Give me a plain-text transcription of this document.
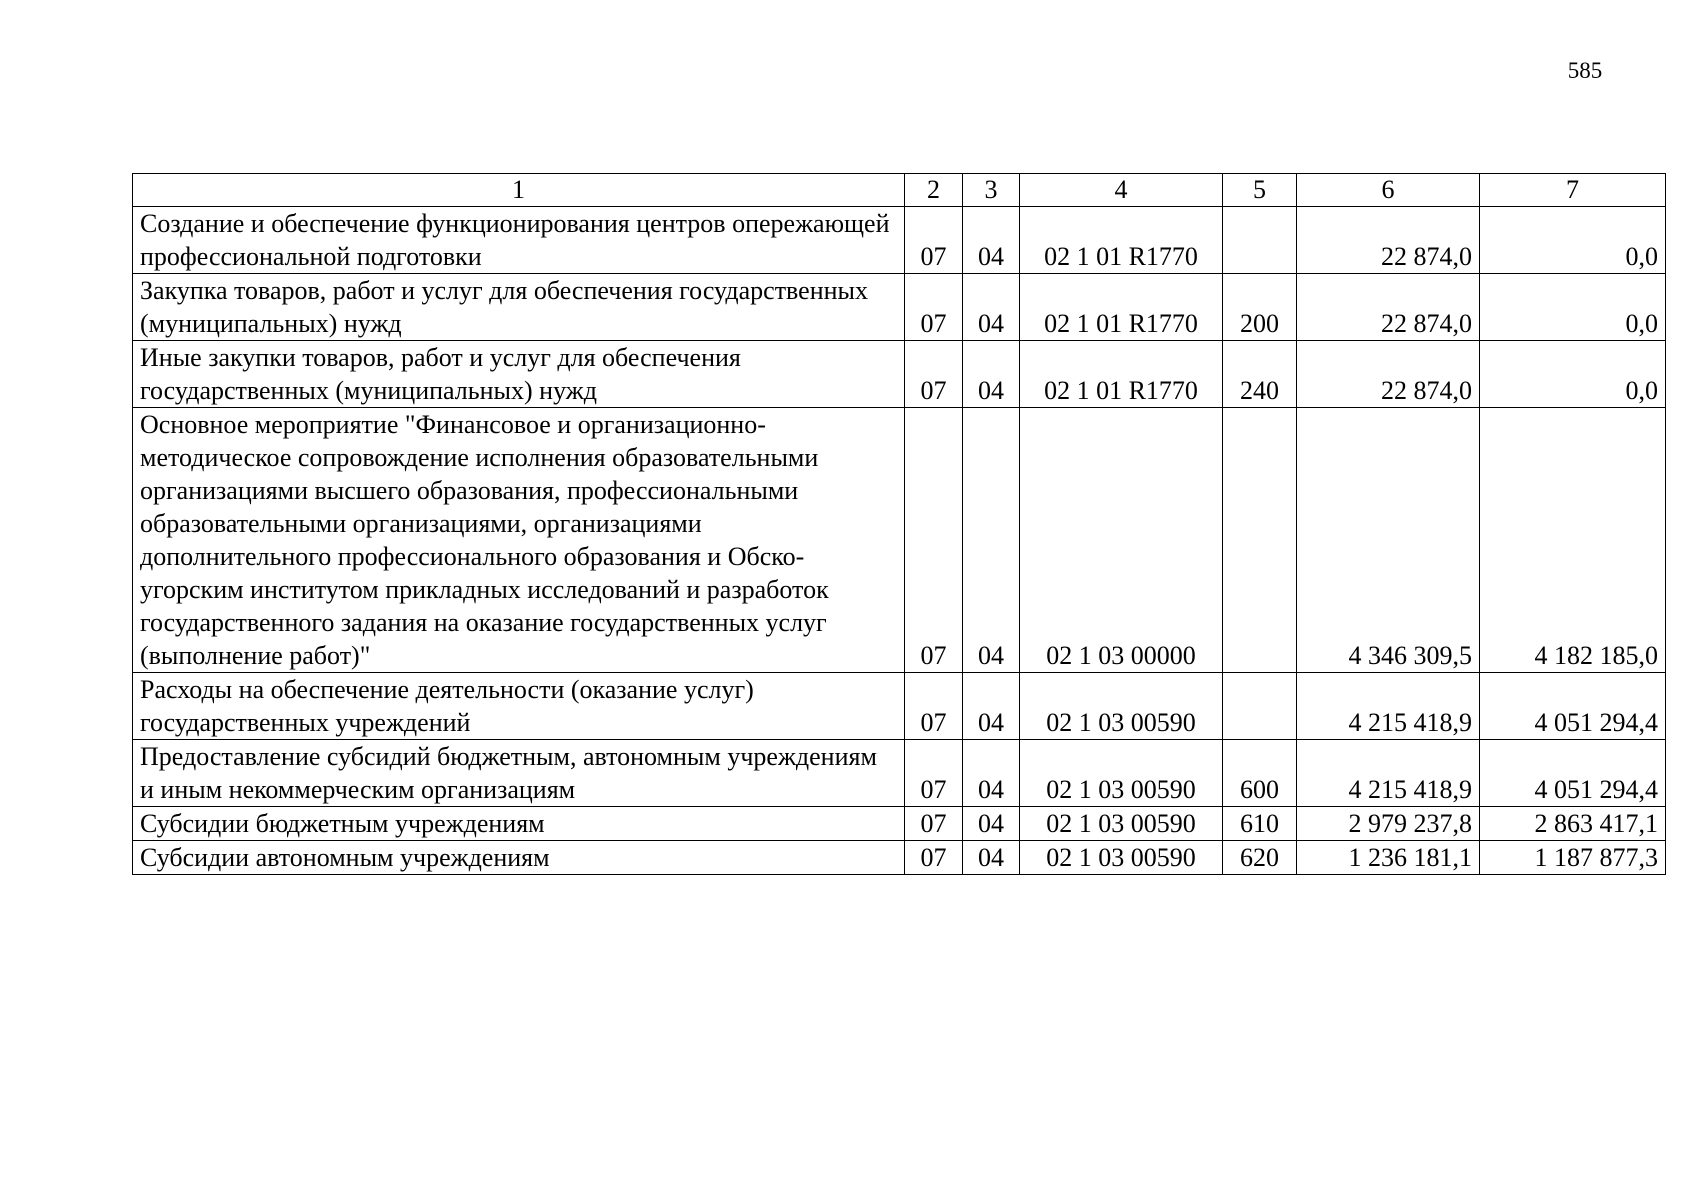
585
1	2	3	4	5	6	7
Создание и обеспечение функционирования центров опережающей профессиональной подготовки	07	04	02 1 01 R1770		22 874,0	0,0
Закупка товаров, работ и услуг для обеспечения государственных (муниципальных) нужд	07	04	02 1 01 R1770	200	22 874,0	0,0
Иные закупки товаров, работ и услуг для обеспечения государственных (муниципальных) нужд	07	04	02 1 01 R1770	240	22 874,0	0,0
Основное мероприятие "Финансовое и организационно-методическое сопровождение исполнения образовательными организациями высшего образования, профессиональными образовательными организациями, организациями дополнительного профессионального образования и Обско-угорским институтом прикладных исследований и разработок государственного задания на оказание государственных услуг (выполнение работ)"	07	04	02 1 03 00000		4 346 309,5	4 182 185,0
Расходы на обеспечение деятельности (оказание услуг) государственных учреждений	07	04	02 1 03 00590		4 215 418,9	4 051 294,4
Предоставление субсидий бюджетным, автономным учреждениям и иным некоммерческим организациям	07	04	02 1 03 00590	600	4 215 418,9	4 051 294,4
Субсидии бюджетным учреждениям	07	04	02 1 03 00590	610	2 979 237,8	2 863 417,1
Субсидии автономным учреждениям	07	04	02 1 03 00590	620	1 236 181,1	1 187 877,3
